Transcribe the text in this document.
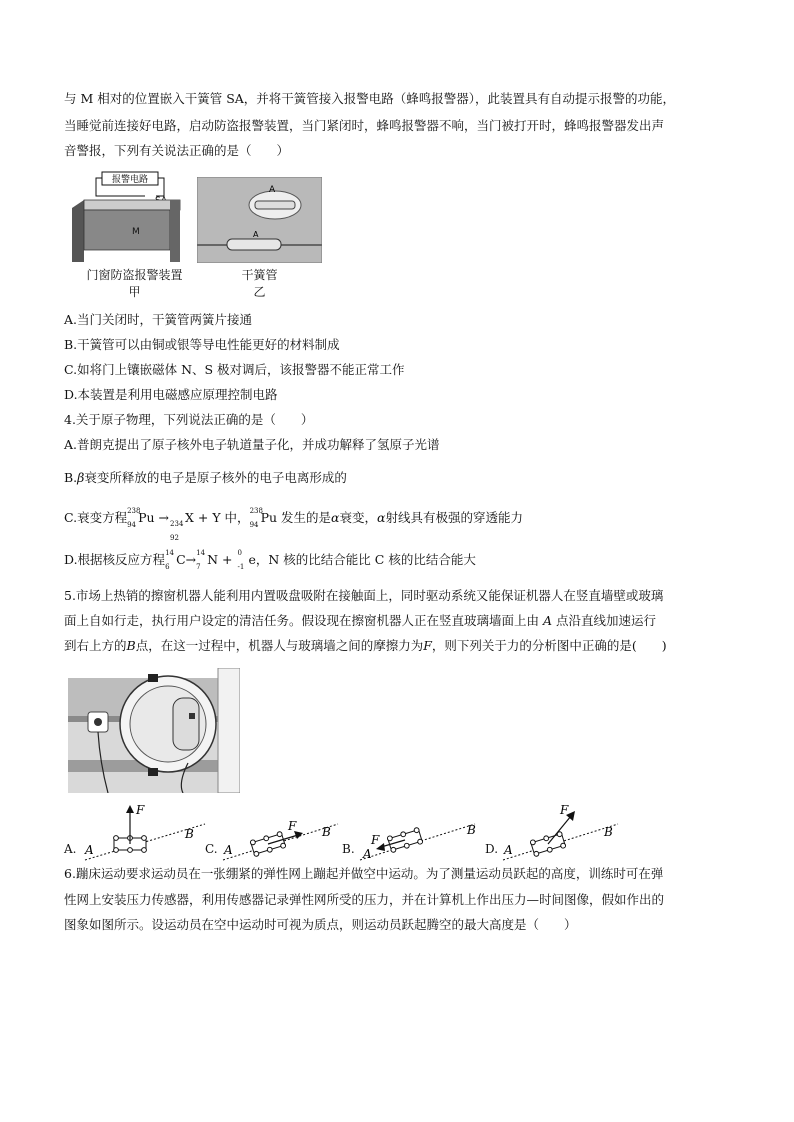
与 M 相对的位置嵌入干簧管 SA，并将干簧管接入报警电路（蜂鸣报警器），此装置具有自动提示报警的功能，
当睡觉前连接好电路，启动防盗报警装置，当门紧闭时，蜂鸣报警器不响，当门被打开时，蜂鸣报警器发出声
音警报，下列有关说法正确的是（　　）
报警电路
M
门窗防盗报警装置
甲
A
A
干簧管
乙
A.当门关闭时，干簧管两簧片接通
B.干簧管可以由铜或银等导电性能更好的材料制成
C.如将门上镶嵌磁体 N、S 极对调后，该报警器不能正常工作
D.本装置是利用电磁感应原理控制电路
4.关于原子物理，下列说法正确的是（　　）
A.普朗克提出了原子核外电子轨道量子化，并成功解释了氢原子光谱
B.β衰变所释放的电子是原子核外的电子电离形成的
C.衰变方程 238
94 Pu → 234
92
X + Y 中， 238
94 Pu 发生的是α衰变，α射线具有极强的穿透能力
D.根据核反应方程 14
6 C→ 14
7 N + 0
-1 e，N 核的比结合能比 C 核的比结合能大
5.市场上热销的擦窗机器人能利用内置吸盘吸附在接触面上，同时驱动系统又能保证机器人在竖直墙壁或玻璃
面上自如行走，执行用户设定的清洁任务。假设现在擦窗机器人正在竖直玻璃墙面上由 A 点沿直线加速运行
到右上方的B点，在这一过程中，机器人与玻璃墙之间的摩擦力为F，则下列关于力的分析图中正确的是(　　)
F
B
A
A.
F B
A
C.
F
B
A
B.
F
B
A
D.
6.蹦床运动要求运动员在一张绷紧的弹性网上蹦起并做空中运动。为了测量运动员跃起的高度，训练时可在弹
性网上安装压力传感器，利用传感器记录弹性网所受的压力，并在计算机上作出压力—时间图像，假如作出的
图象如图所示。设运动员在空中运动时可视为质点，则运动员跃起腾空的最大高度是（　　）
